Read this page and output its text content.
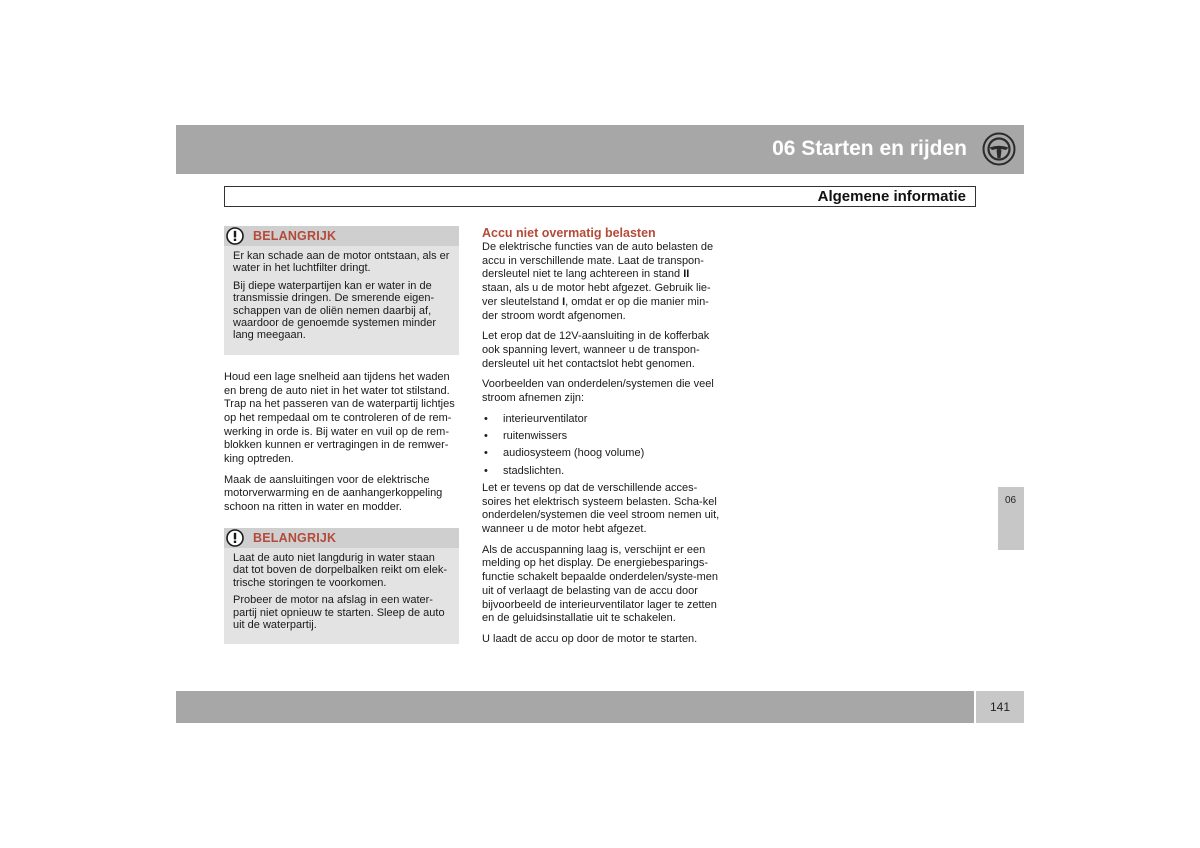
06 Starten en rijden
Algemene informatie
BELANGRIJK

Er kan schade aan de motor ontstaan, als er water in het luchtfilter dringt.

Bij diepe waterpartijen kan er water in de transmissie dringen. De smerende eigen-schappen van de oliën nemen daarbij af, waardoor de genoemde systemen minder lang meegaan.

Houd een lage snelheid aan tijdens het waden en breng de auto niet in het water tot stilstand. Trap na het passeren van de waterpartij lichtjes op het rempedaal om te controleren of de rem-werking in orde is. Bij water en vuil op de rem-blokken kunnen er vertragingen in de remwer-king optreden.

Maak de aansluitingen voor de elektrische motorverwarming en de aanhangerkoppeling schoon na ritten in water en modder.

BELANGRIJK

Laat de auto niet langdurig in water staan dat tot boven de dorpelbalken reikt om elek-trische storingen te voorkomen.

Probeer de motor na afslag in een water-partij niet opnieuw te starten. Sleep de auto uit de waterpartij.

Accu niet overmatig belasten

De elektrische functies van de auto belasten de accu in verschillende mate. Laat de transpon-dersleutel niet te lang achtereen in stand II staan, als u de motor hebt afgezet. Gebruik lie-ver sleutelstand I, omdat er op die manier min-der stroom wordt afgenomen.

Let erop dat de 12V-aansluiting in de kofferbak ook spanning levert, wanneer u de transpon-dersleutel uit het contactslot hebt genomen.

Voorbeelden van onderdelen/systemen die veel stroom afnemen zijn:

• interieurventilator
• ruitenwissers
• audiosysteem (hoog volume)
• stadslichten.

Let er tevens op dat de verschillende acces-soires het elektrisch systeem belasten. Scha-kel onderdelen/systemen die veel stroom nemen uit, wanneer u de motor hebt afgezet.

Als de accuspanning laag is, verschijnt er een melding op het display. De energiebesparings-functie schakelt bepaalde onderdelen/syste-men uit of verlaagt de belasting van de accu door bijvoorbeeld de interieurventilator lager te zetten en de geluidsinstallatie uit te schakelen.

U laadt de accu op door de motor te starten.

06
141
